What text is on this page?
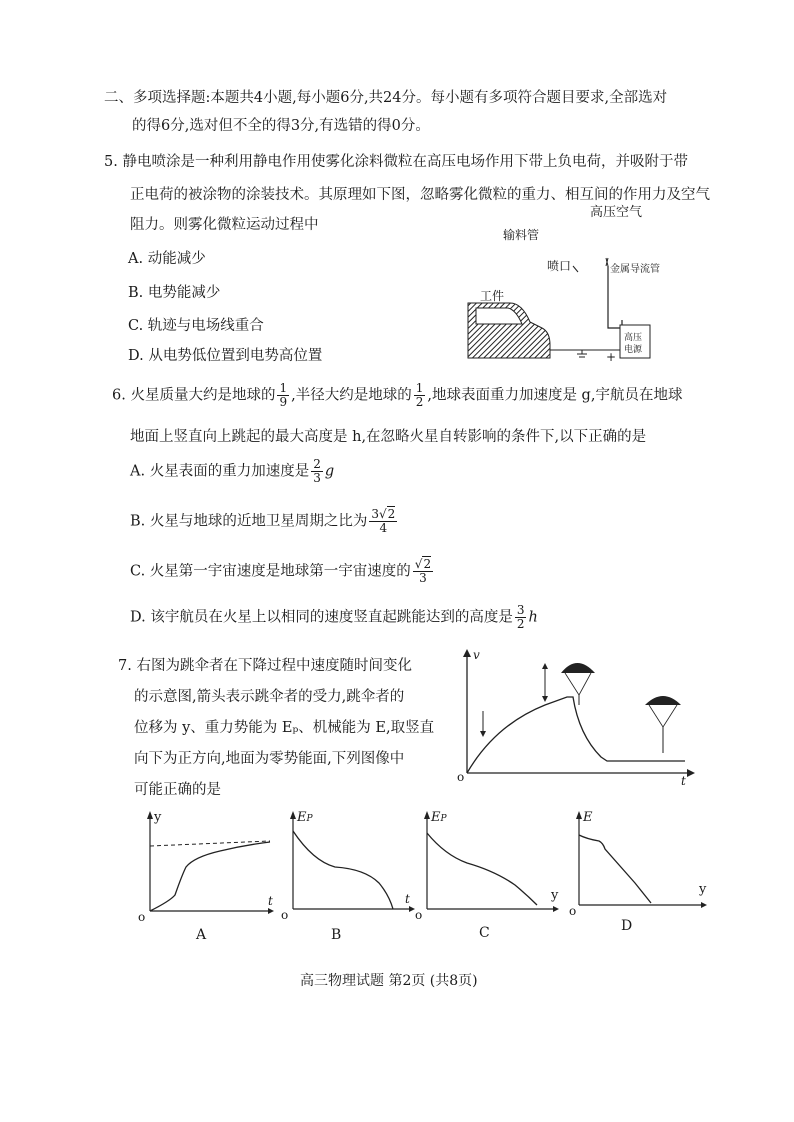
二、多项选择题:本题共4小题,每小题6分,共24分。每小题有多项符合题目要求,全部选对
的得6分,选对但不全的得3分,有选错的得0分。
5. 静电喷涂是一种利用静电作用使雾化涂料微粒在高压电场作用下带上负电荷，并吸附于带
正电荷的被涂物的涂装技术。其原理如下图，忽略雾化微粒的重力、相互间的作用力及空气
阻力。则雾化微粒运动过程中
A. 动能减少
B. 电势能减少
C. 轨迹与电场线重合
D. 从电势低位置到电势高位置
高压空气
输料管
喷口	金属导流管
工件
高压
电源
+
6. 火星质量大约是地球的 $\frac{1}{9}$ ,半径大约是地球的 $\frac{1}{2}$ ,地球表面重力加速度是 g,宇航员在地球
地面上竖直向上跳起的最大高度是 h,在忽略火星自转影响的条件下,以下正确的是
A. 火星表面的重力加速度是 $\frac{2}{3}$ g
B. 火星与地球的近地卫星周期之比为 $\frac{3√2}{4}$
C. 火星第一宇宙速度是地球第一宇宙速度的 $\frac{√2}{3}$
D. 该宇航员在火星上以相同的速度竖直起跳能达到的高度是 $\frac{3}{2}$ h
7. 右图为跳伞者在下降过程中速度随时间变化
的示意图,箭头表示跳伞者的受力,跳伞者的
位移为 y、重力势能为 Eₚ、机械能为 E,取竖直
向下为正方向,地面为零势能面,下列图像中
可能正确的是
v
t
o
y
t
o
A
EP
t
o
B
EP
y
o
C
E
y
o
D
高三物理试题 第2页 (共8页)
